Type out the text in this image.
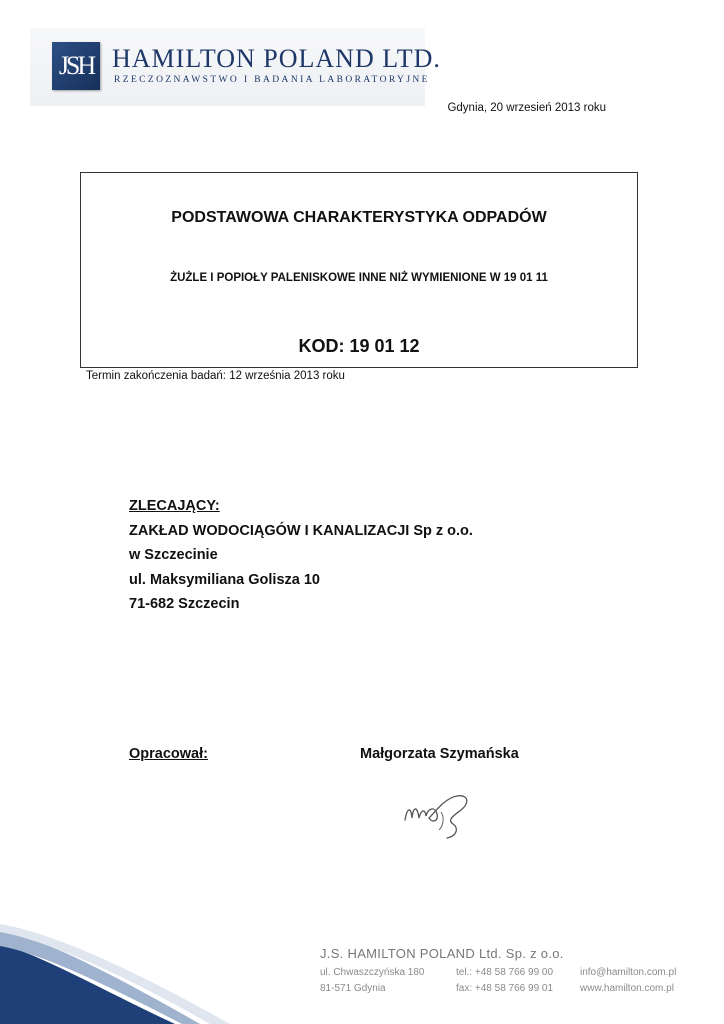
JSH HAMILTON POLAND LTD.
RZECZOZNAWSTWO I BADANIA LABORATORYJNE
Gdynia, 20 wrzesień 2013 roku
PODSTAWOWA CHARAKTERYSTYKA ODPADÓW
ŻUŻLE I POPIOŁY PALENISKOWE INNE NIŻ WYMIENIONE W 19 01 11
KOD: 19 01 12
Termin zakończenia badań: 12 września 2013 roku
ZLECAJĄCY:
ZAKŁAD WODOCIĄGÓW I KANALIZACJI Sp z o.o.
w Szczecinie
ul. Maksymiliana Golisza 10
71-682 Szczecin
Opracował:	Małgorzata Szymańska
J.S. HAMILTON POLAND Ltd. Sp. z o.o.
ul. Chwaszczyńska 180
81-571 Gdynia
tel.: +48 58 766 99 00
fax: +48 58 766 99 01
info@hamilton.com.pl
www.hamilton.com.pl
